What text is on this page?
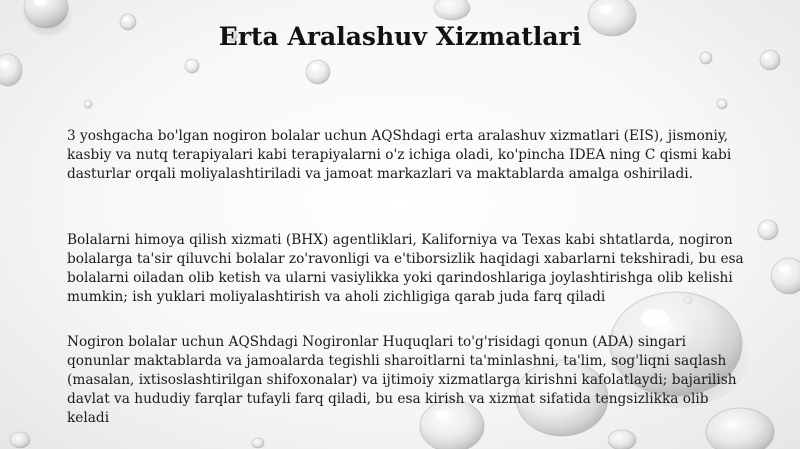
Erta Aralashuv Xizmatlari

3 yoshgacha bo'lgan nogiron bolalar uchun AQShdagi erta aralashuv xizmatlari (EIS), jismoniy, kasbiy va nutq terapiyalari kabi terapiyalarni o'z ichiga oladi, ko'pincha IDEA ning C qismi kabi dasturlar orqali moliyalashtiriladi va jamoat markazlari va maktablarda amalga oshiriladi.

Bolalarni himoya qilish xizmati (BHX) agentliklari, Kaliforniya va Texas kabi shtatlarda, nogiron bolalarga ta'sir qiluvchi bolalar zo'ravonligi va e'tiborsizlik haqidagi xabarlarni tekshiradi, bu esa bolalarni oiladan olib ketish va ularni vasiylikka yoki qarindoshlariga joylashtirishga olib kelishi mumkin; ish yuklari moliyalashtirish va aholi zichligiga qarab juda farq qiladi

Nogiron bolalar uchun AQShdagi Nogironlar Huquqlari to'g'risidagi qonun (ADA) singari qonunlar maktablarda va jamoalarda tegishli sharoitlarni ta'minlashni, ta'lim, sog'liqni saqlash (masalan, ixtisoslashtirilgan shifoxonalar) va ijtimoiy xizmatlarga kirishni kafolatlaydi; bajarilish davlat va hududiy farqlar tufayli farq qiladi, bu esa kirish va xizmat sifatida tengsizlikka olib keladi
